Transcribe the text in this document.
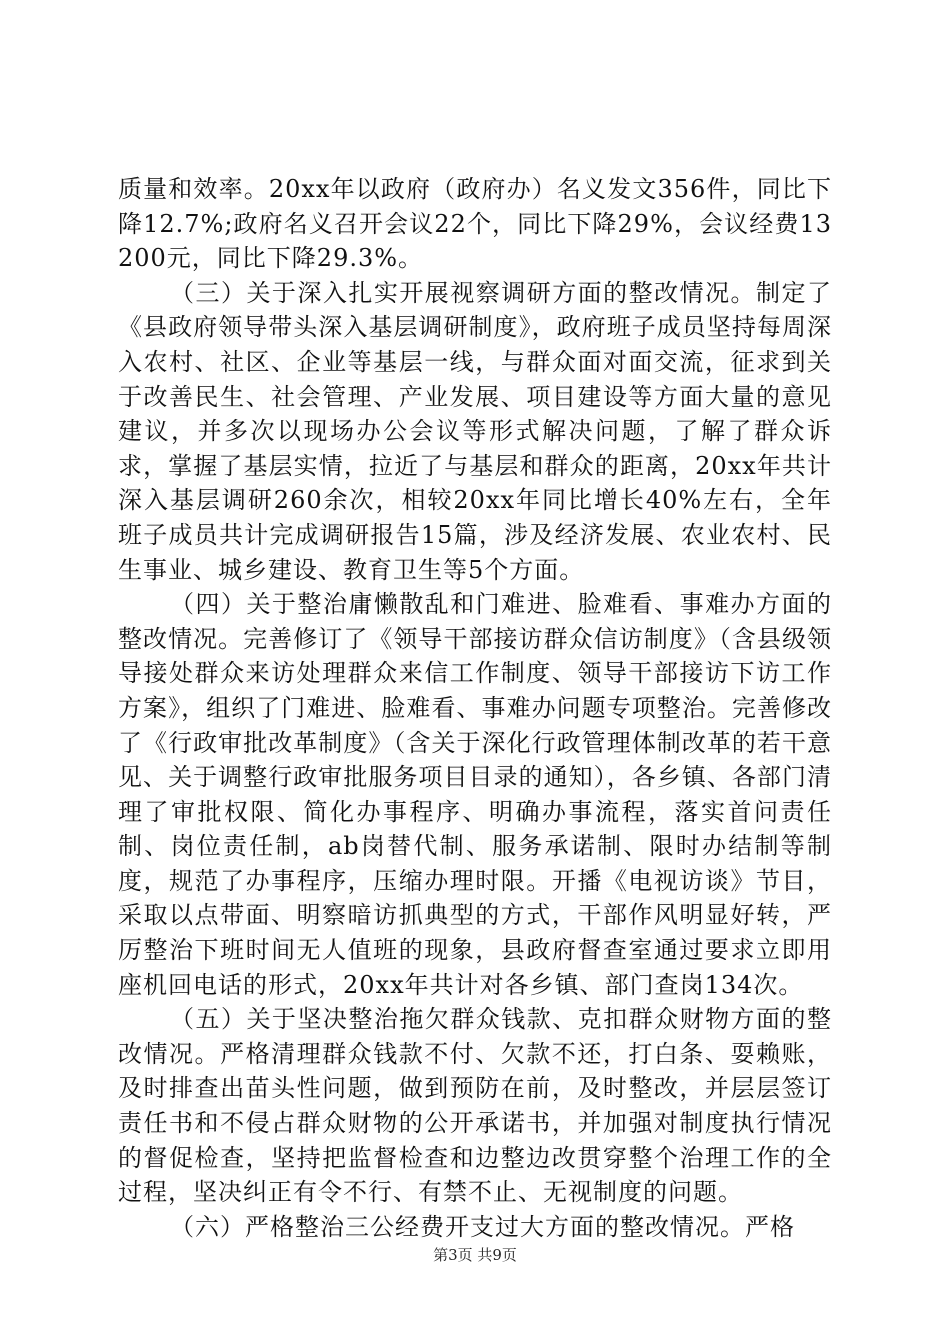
质量和效率。20xx年以政府（政府办）名义发文356件，同比下降12.7%;政府名义召开会议22个，同比下降29%，会议经费13200元，同比下降29.3%。

（三）关于深入扎实开展视察调研方面的整改情况。制定了《县政府领导带头深入基层调研制度》，政府班子成员坚持每周深入农村、社区、企业等基层一线，与群众面对面交流，征求到关于改善民生、社会管理、产业发展、项目建设等方面大量的意见建议，并多次以现场办公会议等形式解决问题，了解了群众诉求，掌握了基层实情，拉近了与基层和群众的距离，20xx年共计深入基层调研260余次，相较20xx年同比增长40%左右，全年班子成员共计完成调研报告15篇，涉及经济发展、农业农村、民生事业、城乡建设、教育卫生等5个方面。

（四）关于整治庸懒散乱和门难进、脸难看、事难办方面的整改情况。完善修订了《领导干部接访群众信访制度》（含县级领导接处群众来访处理群众来信工作制度、领导干部接访下访工作方案》，组织了门难进、脸难看、事难办问题专项整治。完善修改了《行政审批改革制度》（含关于深化行政管理体制改革的若干意见、关于调整行政审批服务项目目录的通知），各乡镇、各部门清理了审批权限、简化办事程序、明确办事流程，落实首问责任制、岗位责任制，ab岗替代制、服务承诺制、限时办结制等制度，规范了办事程序，压缩办理时限。开播《电视访谈》节目，采取以点带面、明察暗访抓典型的方式，干部作风明显好转，严厉整治下班时间无人值班的现象，县政府督查室通过要求立即用座机回电话的形式，20xx年共计对各乡镇、部门查岗134次。

（五）关于坚决整治拖欠群众钱款、克扣群众财物方面的整改情况。严格清理群众钱款不付、欠款不还，打白条、耍赖账，及时排查出苗头性问题，做到预防在前，及时整改，并层层签订责任书和不侵占群众财物的公开承诺书，并加强对制度执行情况的督促检查，坚持把监督检查和边整边改贯穿整个治理工作的全过程，坚决纠正有令不行、有禁不止、无视制度的问题。

（六）严格整治三公经费开支过大方面的整改情况。严格

第3页 共9页
